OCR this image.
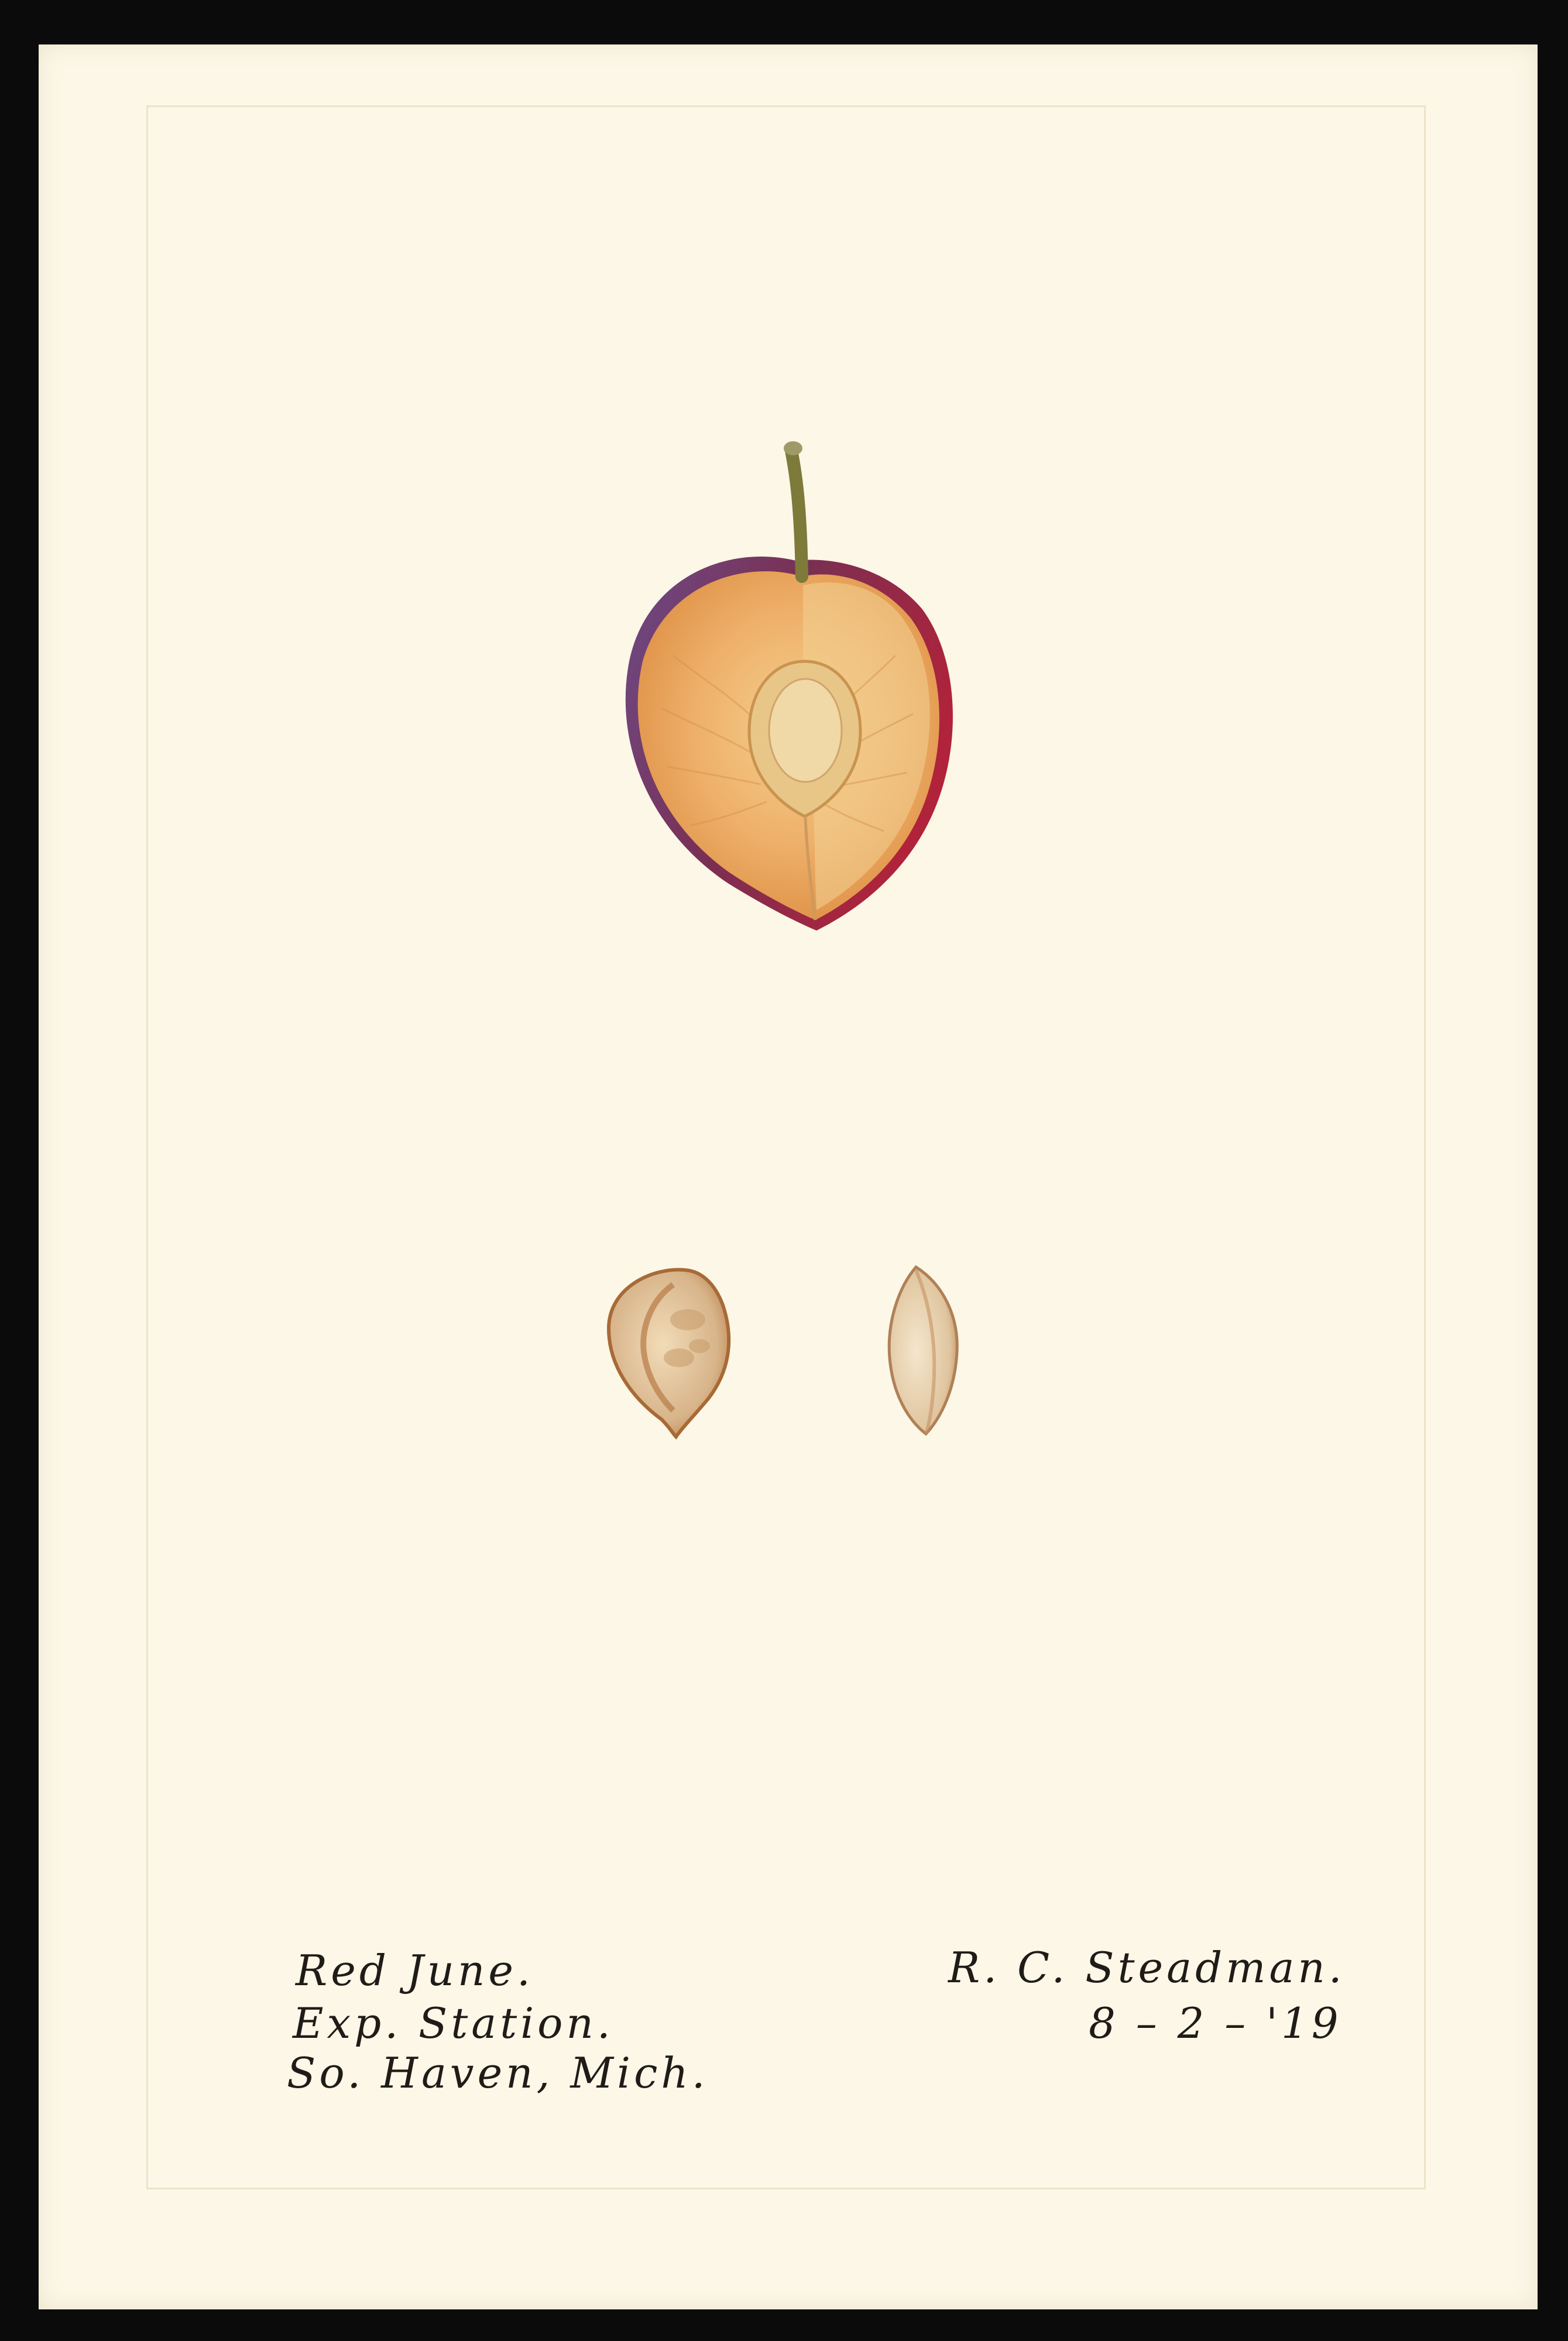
Red June.
Exp. Station.
So. Haven, Mich.
R. C. Steadman.
8 – 2 – '19
